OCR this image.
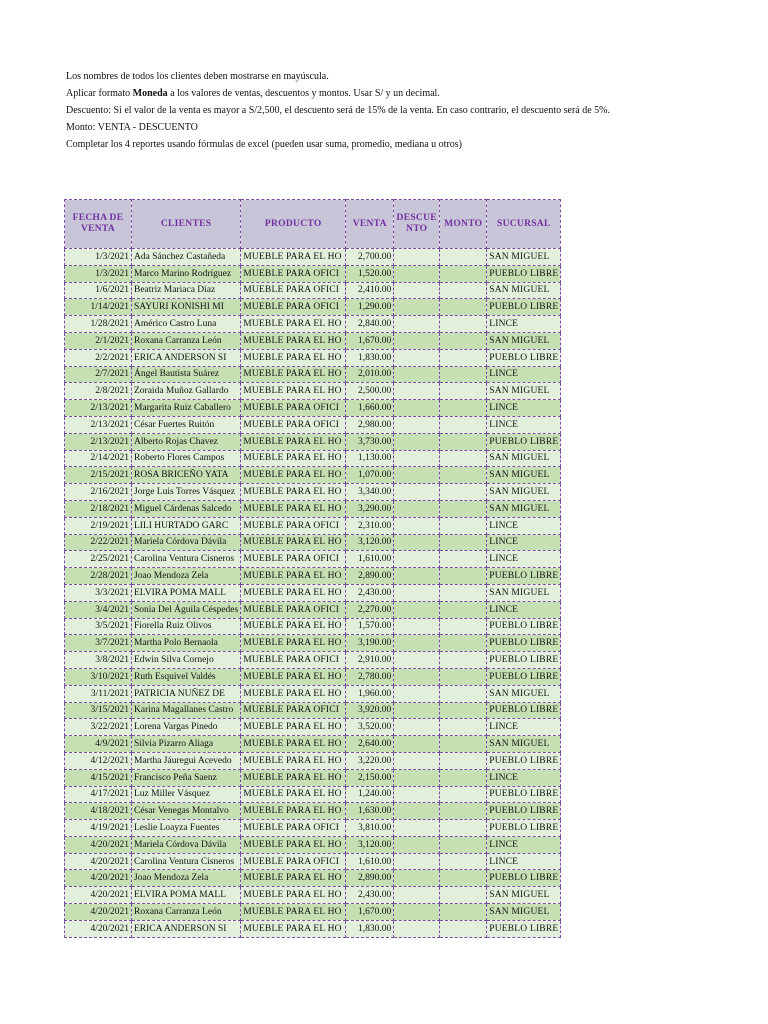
Los nombres de todos los clientes deben mostrarse en mayúscula.

Aplicar formato Moneda a los valores de ventas, descuentos y montos. Usar S/ y un decimal.

Descuento: Si el valor de la venta es mayor a S/2,500, el descuento será de 15% de la venta. En caso contrario, el descuento será de 5%.

Monto: VENTA - DESCUENTO

Completar los 4 reportes usando fórmulas de excel (pueden usar suma, promedio, mediana u otros)

FECHA DE VENTA	CLIENTES	PRODUCTO	VENTA	DESCUE NTO	MONTO	SUCURSAL
1/3/2021	Ada Sánchez Castañeda	MUEBLE PARA EL HO	2,700.00			SAN MIGUEL
1/3/2021	Marco Marino Rodríguez	MUEBLE PARA OFICI	1,520.00			PUEBLO LIBRE
1/6/2021	Beatriz Mariaca Díaz	MUEBLE PARA OFICI	2,410.00			SAN MIGUEL
1/14/2021	SAYURI KONISHI MI	MUEBLE PARA OFICI	1,290.00			PUEBLO LIBRE
1/28/2021	Américo Castro Luna	MUEBLE PARA EL HO	2,840.00			LINCE
2/1/2021	Roxana Carranza León	MUEBLE PARA EL HO	1,670.00			SAN MIGUEL
2/2/2021	ERICA ANDERSON SI	MUEBLE PARA EL HO	1,830.00			PUEBLO LIBRE
2/7/2021	Ángel Bautista Suárez	MUEBLE PARA EL HO	2,010.00			LINCE
2/8/2021	Zoraida Muñoz Gallardo	MUEBLE PARA EL HO	2,500.00			SAN MIGUEL
2/13/2021	Margarita Ruiz Caballero	MUEBLE PARA OFICI	1,660.00			LINCE
2/13/2021	César Fuertes Ruitón	MUEBLE PARA OFICI	2,980.00			LINCE
2/13/2021	Alberto Rojas Chavez	MUEBLE PARA EL HO	3,730.00			PUEBLO LIBRE
2/14/2021	Roberto Flores Campos	MUEBLE PARA EL HO	1,130.00			SAN MIGUEL
2/15/2021	ROSA BRICEÑO YATA	MUEBLE PARA EL HO	1,070.00			SAN MIGUEL
2/16/2021	Jorge Luis Torres Vásquez	MUEBLE PARA EL HO	3,340.00			SAN MIGUEL
2/18/2021	Miguel Cárdenas Salcedo	MUEBLE PARA EL HO	3,290.00			SAN MIGUEL
2/19/2021	LILI HURTADO GARC	MUEBLE PARA OFICI	2,310.00			LINCE
2/22/2021	Mariela Córdova Dávila	MUEBLE PARA EL HO	3,120.00			LINCE
2/25/2021	Carolina Ventura Cisneros	MUEBLE PARA OFICI	1,610.00			LINCE
2/28/2021	Joao Mendoza Zela	MUEBLE PARA EL HO	2,890.00			PUEBLO LIBRE
3/3/2021	ELVIRA POMA MALL	MUEBLE PARA EL HO	2,430.00			SAN MIGUEL
3/4/2021	Sonia Del Águila Céspedes	MUEBLE PARA OFICI	2,270.00			LINCE
3/5/2021	Fiorella Ruiz Olivos	MUEBLE PARA EL HO	1,570.00			PUEBLO LIBRE
3/7/2021	Martha Polo Bernaola	MUEBLE PARA EL HO	3,190.00			PUEBLO LIBRE
3/8/2021	Edwin Silva Cornejo	MUEBLE PARA OFICI	2,910.00			PUEBLO LIBRE
3/10/2021	Ruth Esquivel Valdés	MUEBLE PARA EL HO	2,780.00			PUEBLO LIBRE
3/11/2021	PATRICIA NUÑEZ DE	MUEBLE PARA EL HO	1,960.00			SAN MIGUEL
3/15/2021	Karina Magallanes Castro	MUEBLE PARA OFICI	3,920.00			PUEBLO LIBRE
3/22/2021	Lorena Vargas Pinedo	MUEBLE PARA EL HO	3,520.00			LINCE
4/9/2021	Silvia Pizarro Aliaga	MUEBLE PARA EL HO	2,640.00			SAN MIGUEL
4/12/2021	Martha Jáuregui Acevedo	MUEBLE PARA EL HO	3,220.00			PUEBLO LIBRE
4/15/2021	Francisco Peña Saenz	MUEBLE PARA EL HO	2,150.00			LINCE
4/17/2021	Luz Miller Vásquez	MUEBLE PARA EL HO	1,240.00			PUEBLO LIBRE
4/18/2021	César Venegas Montalvo	MUEBLE PARA EL HO	1,630.00			PUEBLO LIBRE
4/19/2021	Leslie Loayza Fuentes	MUEBLE PARA OFICI	3,810.00			PUEBLO LIBRE
4/20/2021	Mariela Córdova Dávila	MUEBLE PARA EL HO	3,120.00			LINCE
4/20/2021	Carolina Ventura Cisneros	MUEBLE PARA OFICI	1,610.00			LINCE
4/20/2021	Joao Mendoza Zela	MUEBLE PARA EL HO	2,890.00			PUEBLO LIBRE
4/20/2021	ELVIRA POMA MALL	MUEBLE PARA EL HO	2,430.00			SAN MIGUEL
4/20/2021	Roxana Carranza León	MUEBLE PARA EL HO	1,670.00			SAN MIGUEL
4/20/2021	ERICA ANDERSON SI	MUEBLE PARA EL HO	1,830.00			PUEBLO LIBRE
